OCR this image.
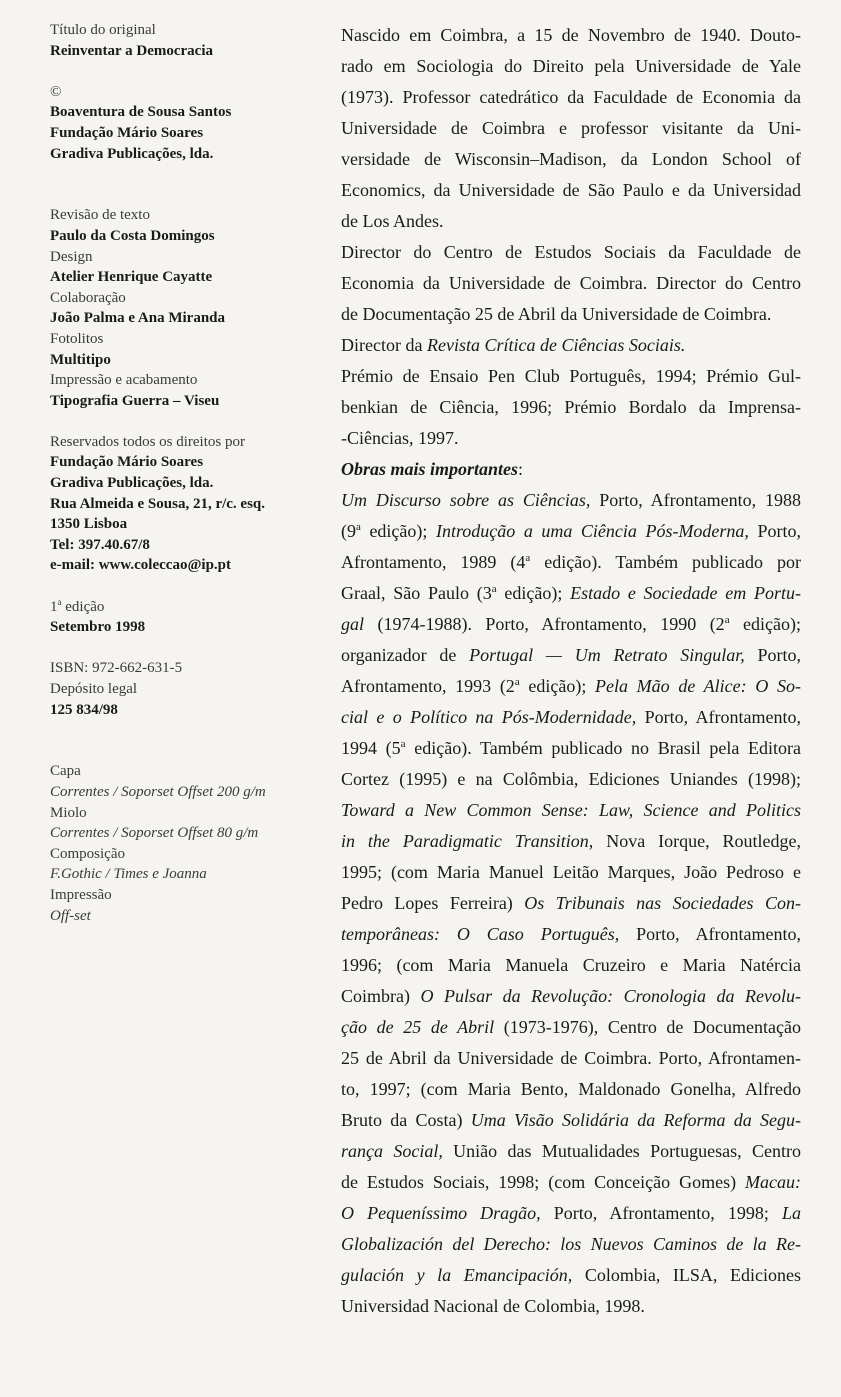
Título do original
Reinventar a Democracia

©
Boaventura de Sousa Santos
Fundação Mário Soares
Gradiva Publicações, lda.

Revisão de texto
Paulo da Costa Domingos
Design
Atelier Henrique Cayatte
Colaboração
João Palma e Ana Miranda
Fotolitos
Multitipo
Impressão e acabamento
Tipografia Guerra – Viseu

Reservados todos os direitos por
Fundação Mário Soares
Gradiva Publicações, lda.
Rua Almeida e Sousa, 21, r/c. esq.
1350 Lisboa
Tel: 397.40.67/8
e-mail: www.coleccao@ip.pt

1$^a$ edição
Setembro 1998

ISBN: 972-662-631-5
Depósito legal
125 834/98

Capa
Correntes / Soporset Offset 200 g/m
Miolo
Correntes / Soporset Offset 80 g/m
Composição
F.Gothic / Times e Joanna
Impressão
Off-set
Nascido em Coimbra, a 15 de Novembro de 1940. Douto-
rado em Sociologia do Direito pela Universidade de Yale
(1973). Professor catedrático da Faculdade de Economia da
Universidade de Coimbra e professor visitante da Uni-
versidade de Wisconsin–Madison, da London School of
Economics, da Universidade de São Paulo e da Universidad
de Los Andes.
Director do Centro de Estudos Sociais da Faculdade de
Economia da Universidade de Coimbra. Director do Centro
de Documentação 25 de Abril da Universidade de Coimbra.
Director da Revista Crítica de Ciências Sociais.
Prémio de Ensaio Pen Club Português, 1994; Prémio Gul-
benkian de Ciência, 1996; Prémio Bordalo da Imprensa-
-Ciências, 1997.
Obras mais importantes:
Um Discurso sobre as Ciências, Porto, Afrontamento, 1988
(9$^a$ edição); Introdução a uma Ciência Pós-Moderna, Porto,
Afrontamento, 1989 (4$^a$ edição). Também publicado por
Graal, São Paulo (3$^a$ edição); Estado e Sociedade em Portu-
gal (1974-1988). Porto, Afrontamento, 1990 (2$^a$ edição);
organizador de Portugal — Um Retrato Singular, Porto,
Afrontamento, 1993 (2$^a$ edição); Pela Mão de Alice: O So-
cial e o Político na Pós-Modernidade, Porto, Afrontamento,
1994 (5$^a$ edição). Também publicado no Brasil pela Editora
Cortez (1995) e na Colômbia, Ediciones Uniandes (1998);
Toward a New Common Sense: Law, Science and Politics
in the Paradigmatic Transition, Nova Iorque, Routledge,
1995; (com Maria Manuel Leitão Marques, João Pedroso e
Pedro Lopes Ferreira) Os Tribunais nas Sociedades Con-
temporâneas: O Caso Português, Porto, Afrontamento,
1996; (com Maria Manuela Cruzeiro e Maria Natércia
Coimbra) O Pulsar da Revolução: Cronologia da Revolu-
ção de 25 de Abril (1973-1976), Centro de Documentação
25 de Abril da Universidade de Coimbra. Porto, Afrontamen-
to, 1997; (com Maria Bento, Maldonado Gonelha, Alfredo
Bruto da Costa) Uma Visão Solidária da Reforma da Segu-
rança Social, União das Mutualidades Portuguesas, Centro
de Estudos Sociais, 1998; (com Conceição Gomes) Macau:
O Pequeníssimo Dragão, Porto, Afrontamento, 1998; La
Globalización del Derecho: los Nuevos Caminos de la Re-
gulación y la Emancipación, Colombia, ILSA, Ediciones
Universidad Nacional de Colombia, 1998.
